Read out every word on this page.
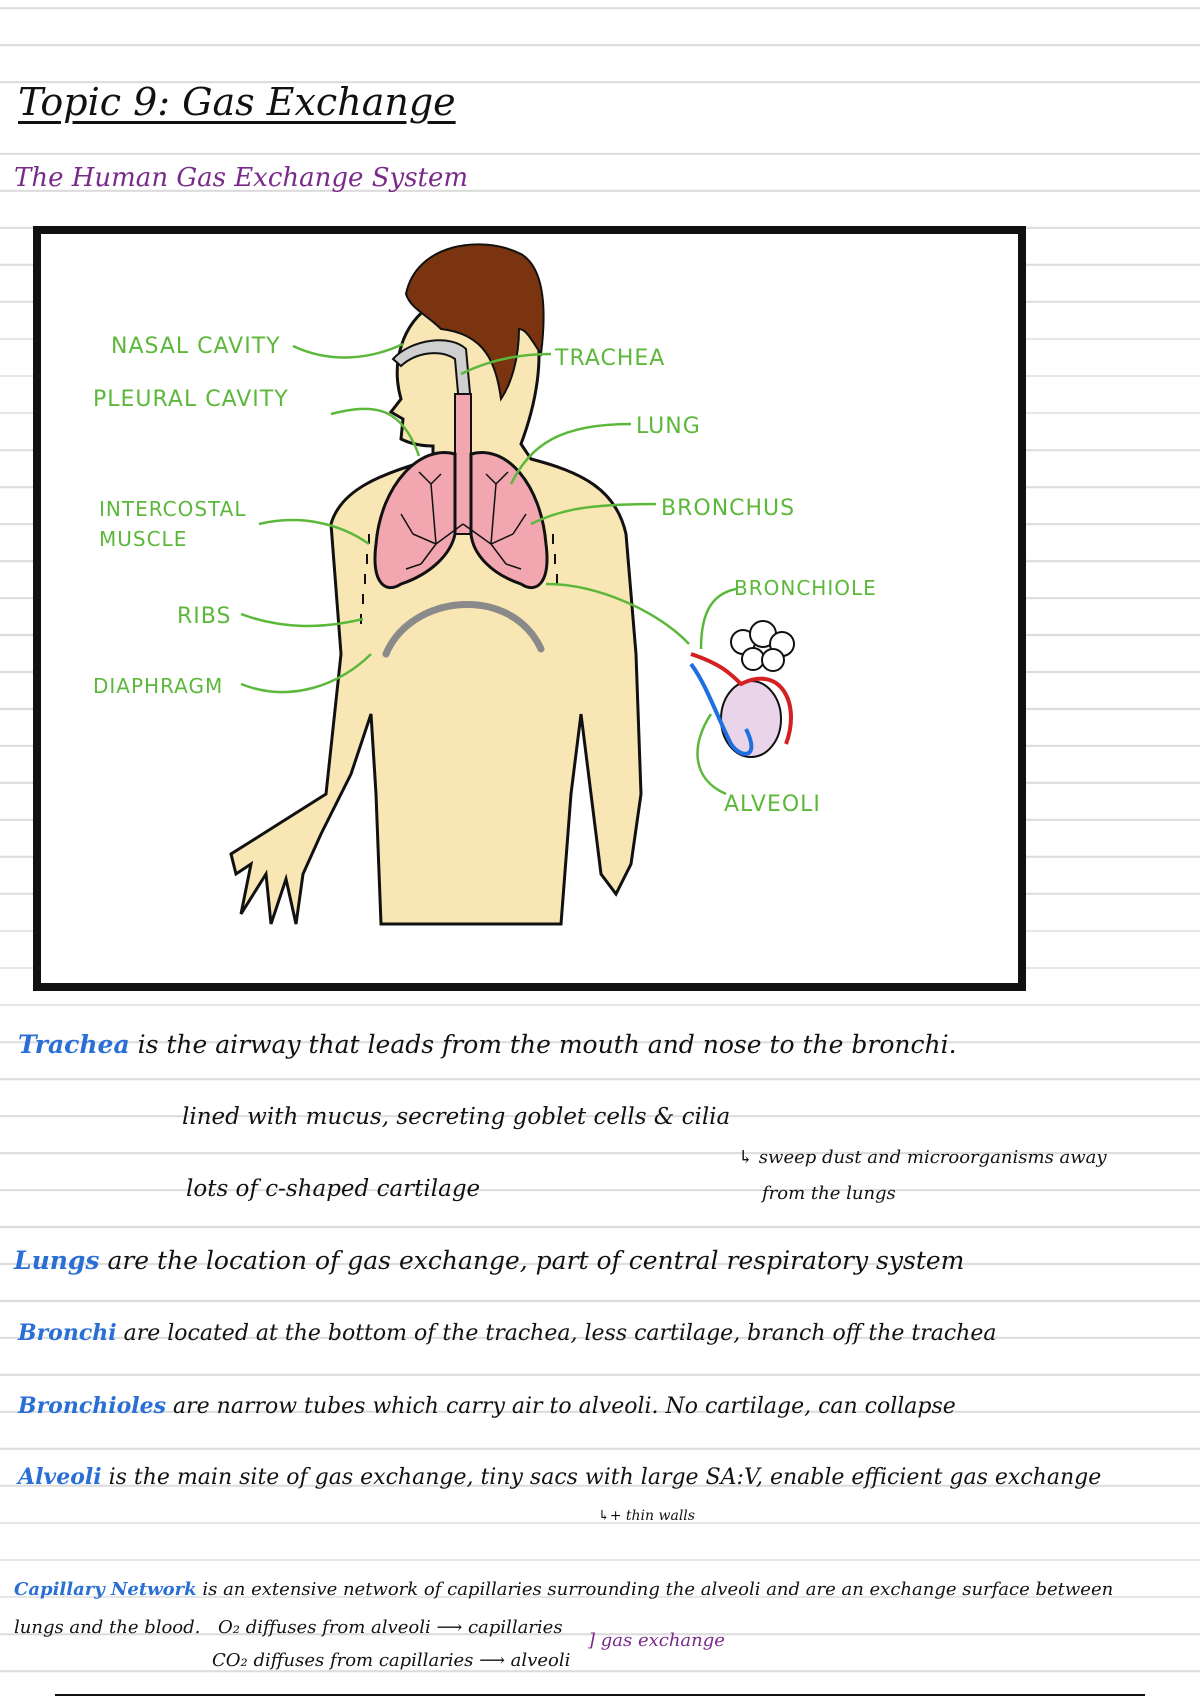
Topic 9: Gas Exchange
The Human Gas Exchange System
NASAL CAVITY
PLEURAL CAVITY
INTERCOSTAL
MUSCLE
RIBS
DIAPHRAGM
TRACHEA
LUNG
BRONCHUS
BRONCHIOLE
ALVEOLI
Trachea is the airway that leads from the mouth and nose to the bronchi.
lined with mucus, secreting goblet cells & cilia
↳ sweep dust and microorganisms away
from the lungs
lots of c-shaped cartilage
Lungs are the location of gas exchange, part of central respiratory system
Bronchi are located at the bottom of the trachea, less cartilage, branch off the trachea
Bronchioles are narrow tubes which carry air to alveoli. No cartilage, can collapse
Alveoli is the main site of gas exchange, tiny sacs with large SA:V, enable efficient gas exchange
↳+ thin walls
Capillary Network is an extensive network of capillaries surrounding the alveoli and are an exchange surface between
lungs and the blood. O₂ diffuses from alveoli ⟶ capillaries
CO₂ diffuses from capillaries ⟶ alveoli
] gas exchange
